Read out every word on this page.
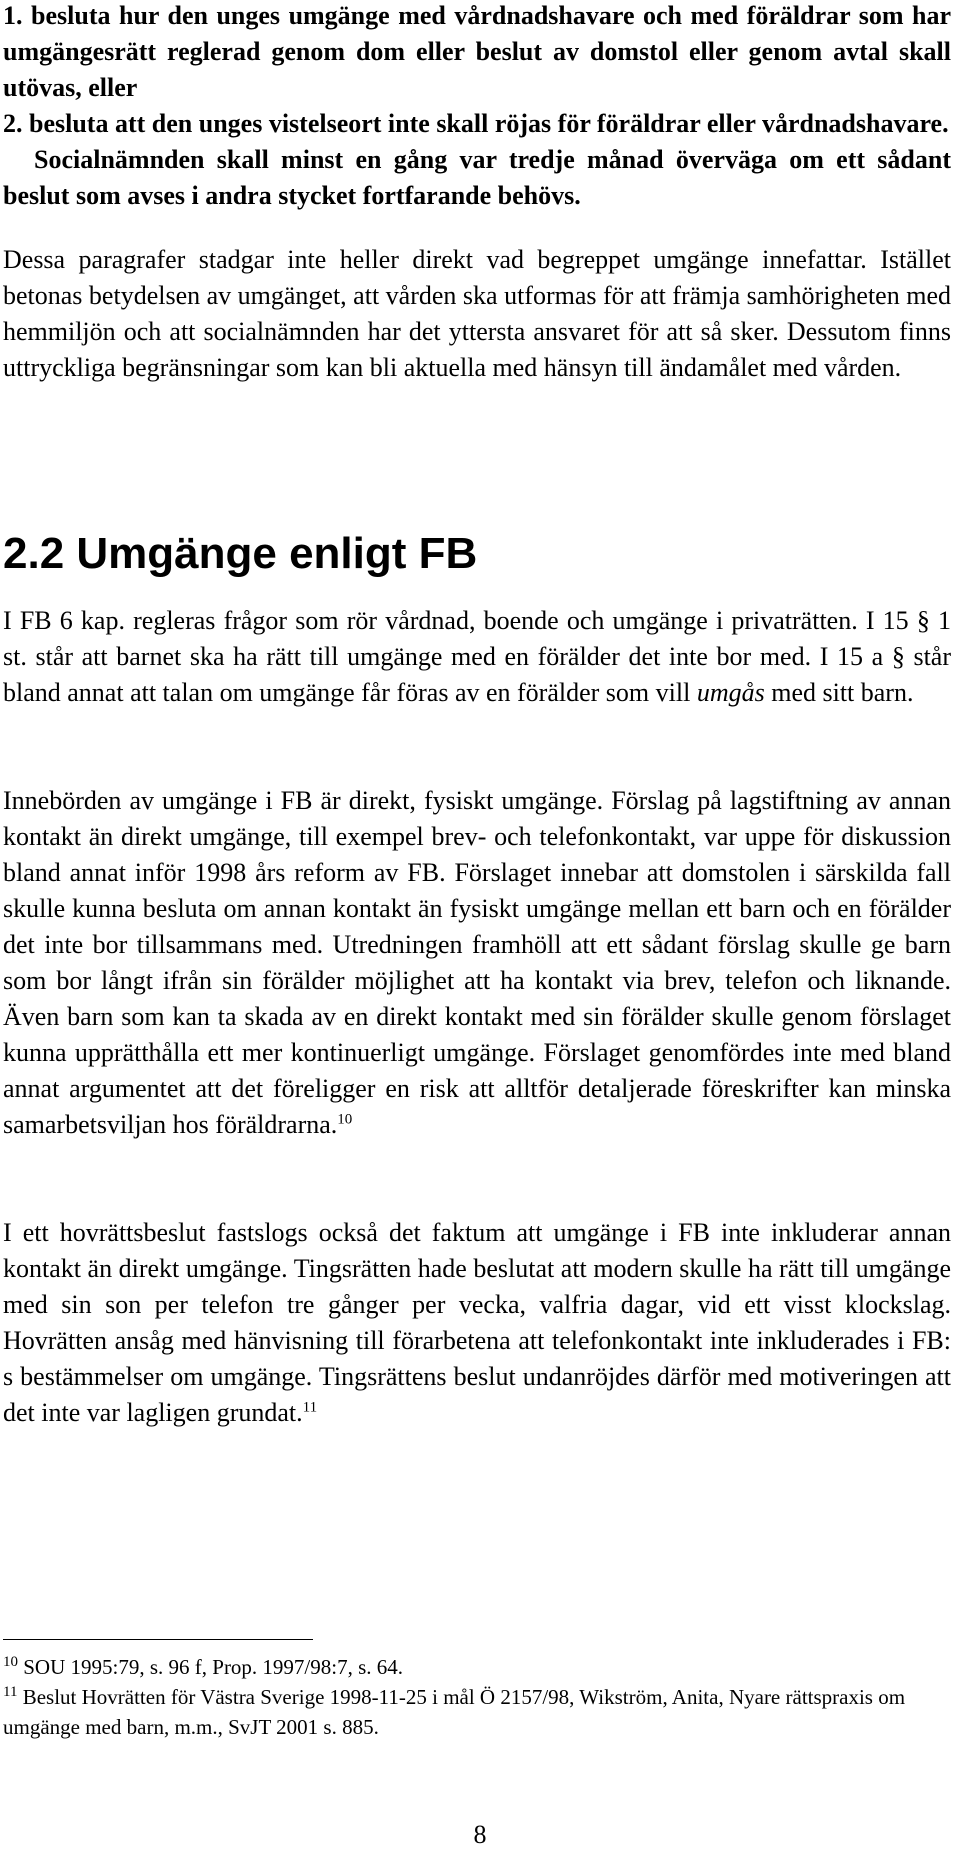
1. besluta hur den unges umgänge med vårdnadshavare och med föräldrar som har umgängesrätt reglerad genom dom eller beslut av domstol eller genom avtal skall utövas, eller
2. besluta att den unges vistelseort inte skall röjas för föräldrar eller vårdnadshavare.
Socialnämnden skall minst en gång var tredje månad överväga om ett sådant beslut som avses i andra stycket fortfarande behövs.

Dessa paragrafer stadgar inte heller direkt vad begreppet umgänge innefattar. Istället betonas betydelsen av umgänget, att vården ska utformas för att främja samhörigheten med hemmiljön och att socialnämnden har det yttersta ansvaret för att så sker. Dessutom finns uttryckliga begränsningar som kan bli aktuella med hänsyn till ändamålet med vården.

2.2 Umgänge enligt FB

I FB 6 kap. regleras frågor som rör vårdnad, boende och umgänge i privaträtten. I 15 § 1 st. står att barnet ska ha rätt till umgänge med en förälder det inte bor med. I 15 a § står bland annat att talan om umgänge får föras av en förälder som vill umgås med sitt barn.

Innebörden av umgänge i FB är direkt, fysiskt umgänge. Förslag på lagstiftning av annan kontakt än direkt umgänge, till exempel brev- och telefonkontakt, var uppe för diskussion bland annat inför 1998 års reform av FB. Förslaget innebar att domstolen i särskilda fall skulle kunna besluta om annan kontakt än fysiskt umgänge mellan ett barn och en förälder det inte bor tillsammans med. Utredningen framhöll att ett sådant förslag skulle ge barn som bor långt ifrån sin förälder möjlighet att ha kontakt via brev, telefon och liknande. Även barn som kan ta skada av en direkt kontakt med sin förälder skulle genom förslaget kunna upprätthålla ett mer kontinuerligt umgänge. Förslaget genomfördes inte med bland annat argumentet att det föreligger en risk att alltför detaljerade föreskrifter kan minska samarbetsviljan hos föräldrarna.$^{10}$

I ett hovrättsbeslut fastslogs också det faktum att umgänge i FB inte inkluderar annan kontakt än direkt umgänge. Tingsrätten hade beslutat att modern skulle ha rätt till umgänge med sin son per telefon tre gånger per vecka, valfria dagar, vid ett visst klockslag. Hovrätten ansåg med hänvisning till förarbetena att telefonkontakt inte inkluderades i FB: s bestämmelser om umgänge. Tingsrättens beslut undanröjdes därför med motiveringen att det inte var lagligen grundat.$^{11}$

$^{10}$ SOU 1995:79, s. 96 f, Prop. 1997/98:7, s. 64.

$^{11}$ Beslut Hovrätten för Västra Sverige 1998-11-25 i mål Ö 2157/98, Wikström, Anita, Nyare rättspraxis om umgänge med barn, m.m., SvJT 2001 s. 885.

8
